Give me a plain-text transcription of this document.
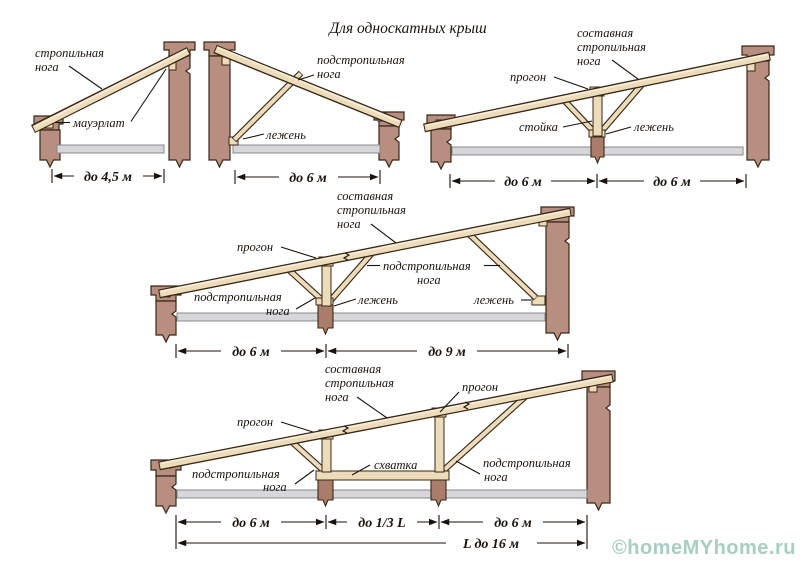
Для односкатных крыш
стропильная
нога
мауэрлат
до 4,5 м
подстропильная
нога
лежень
до 6 м
составная
стропильная
нога
прогон
стойка	лежень
до 6 м	до 6 м
составная
стропильная
нога
прогон
подстропильная
нога
подстропильная
нога
лежень	лежень
до 6 м	до 9 м
составная
стропильная
нога
прогон
прогон
подстропильная
нога
схватка	подстропильная
нога
до 6 м	до 1/3 L	до 6 м
L до 16 м	©homeMYhome.ru
